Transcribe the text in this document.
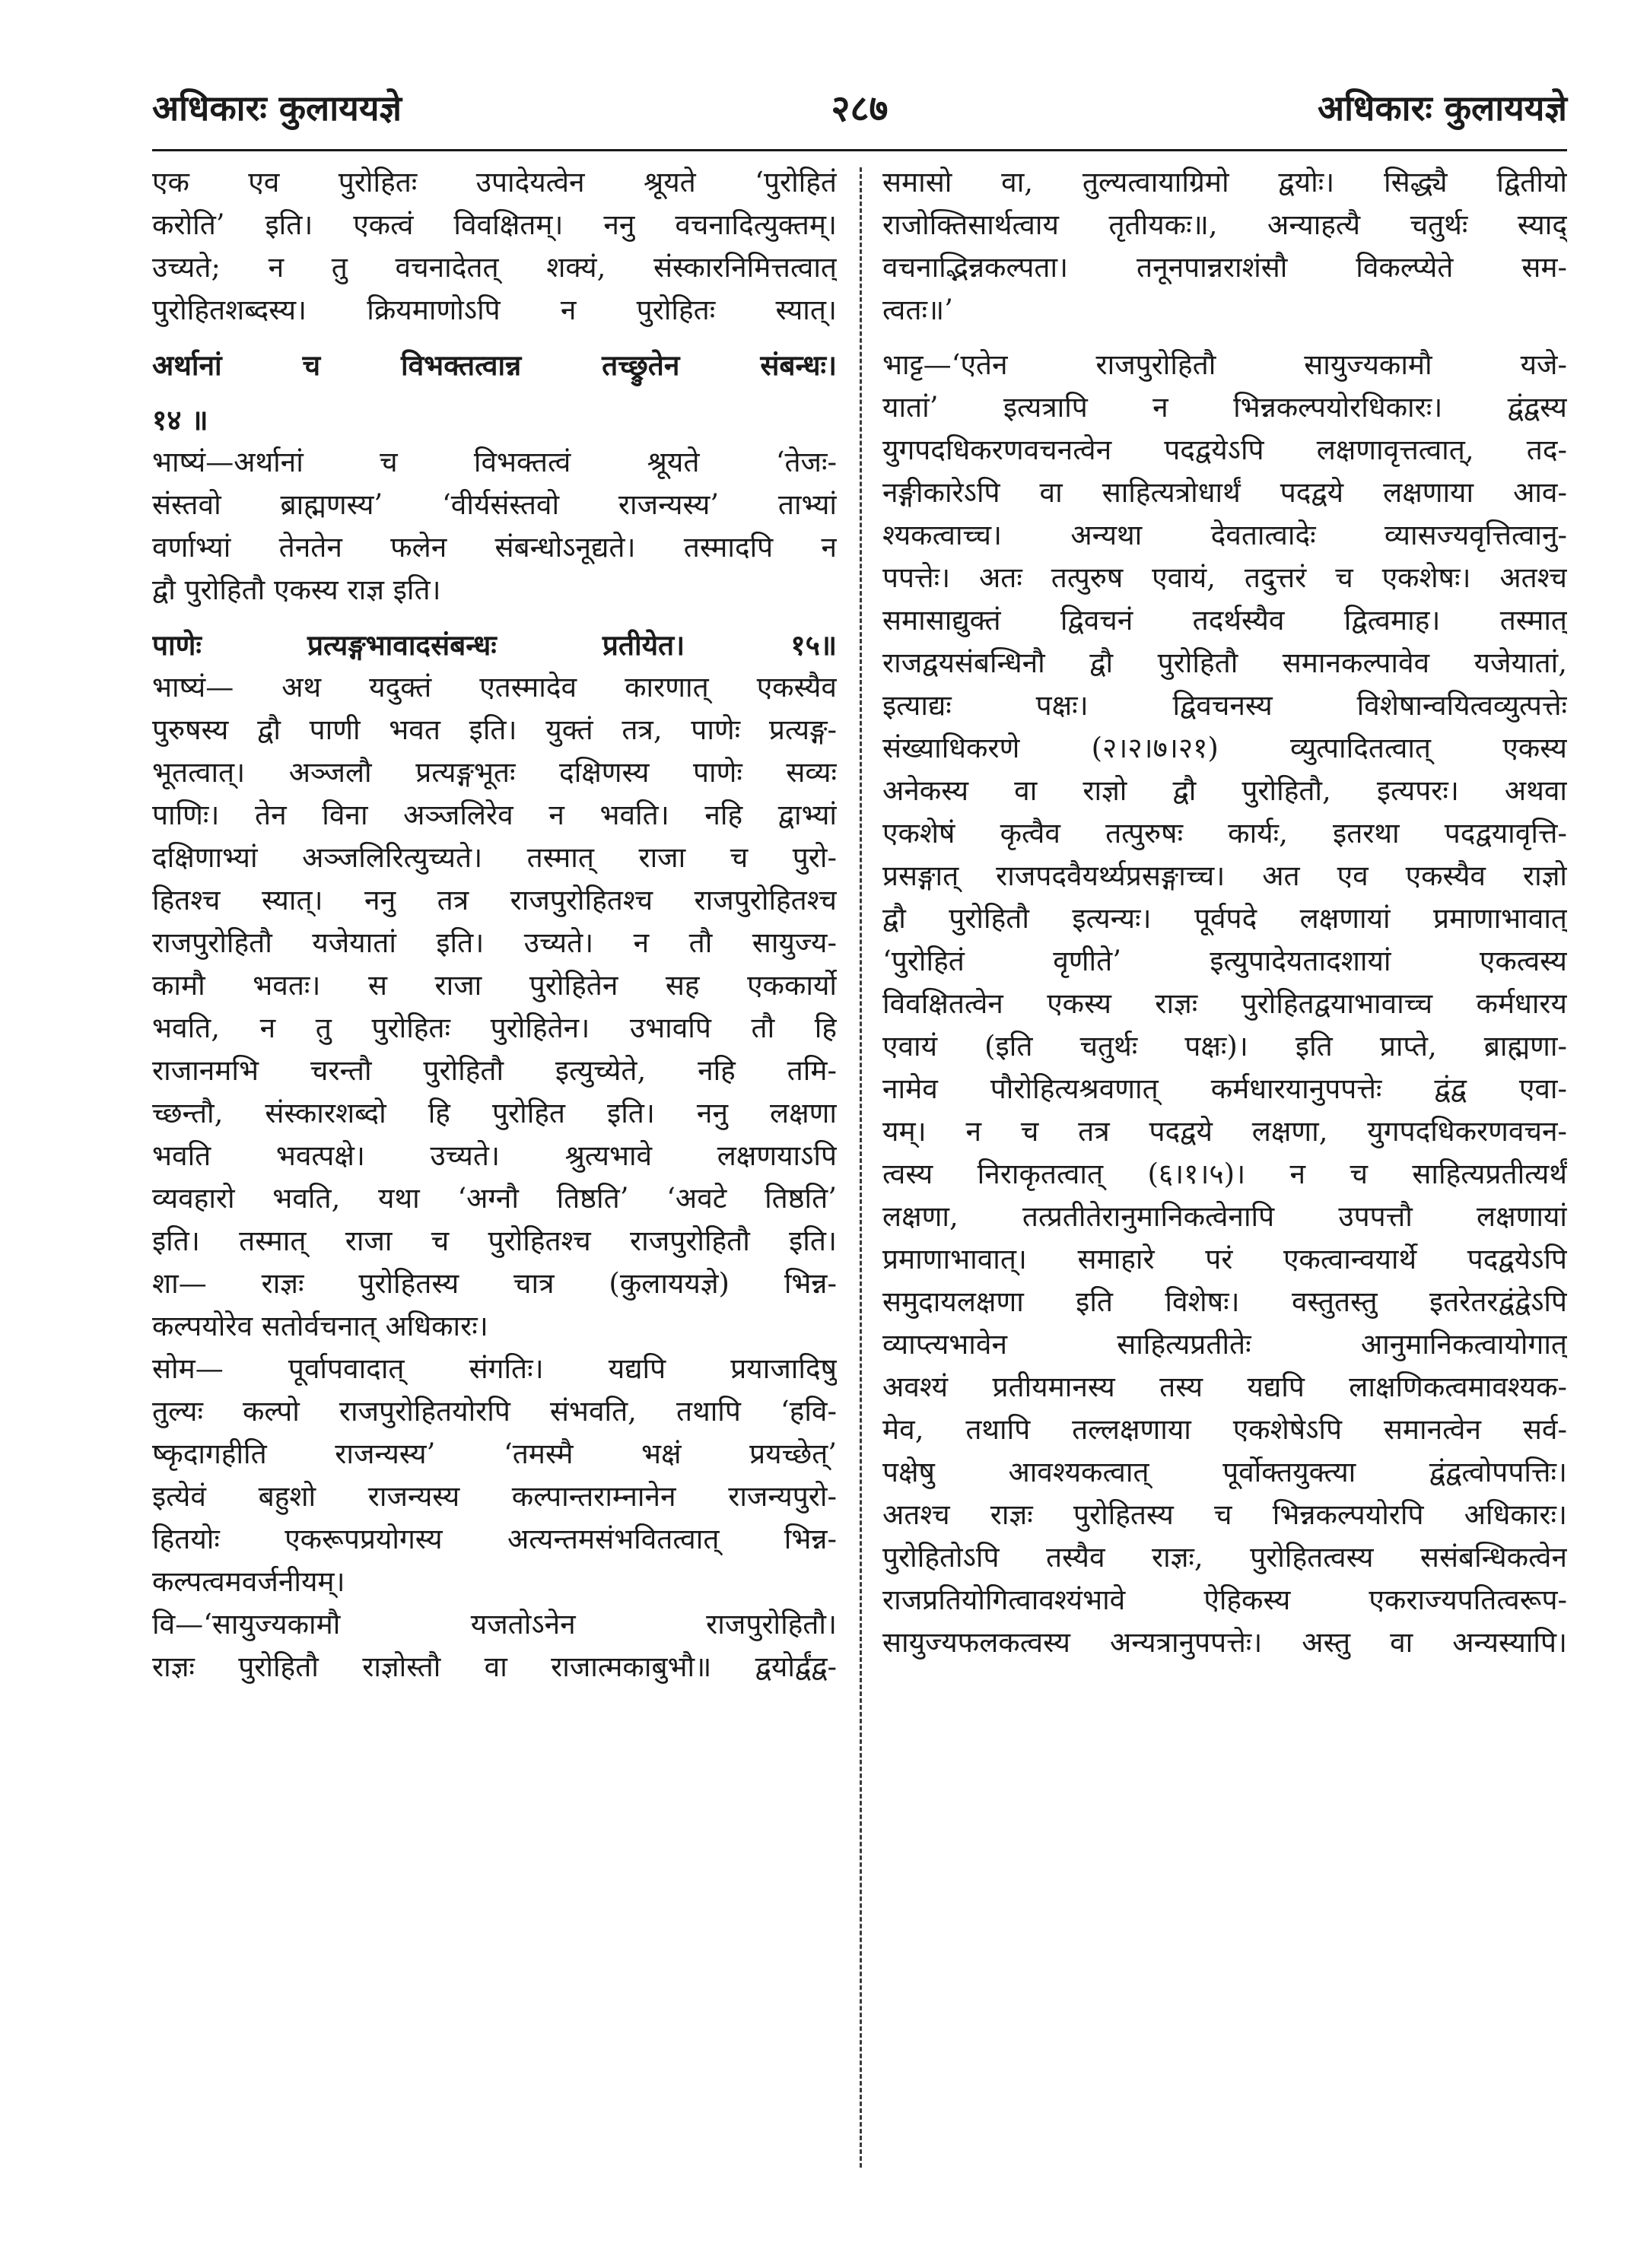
अधिकारः कुलाययज्ञे	२८७	अधिकारः कुलाययज्ञे
एक एव पुरोहितः उपादेयत्वेन श्रूयते ‘पुरोहितं
करोति’ इति। एकत्वं विवक्षितम्। ननु वचनादित्युक्तम्।
उच्यते; न तु वचनादेतत् शक्यं, संस्कारनिमित्तत्वात्
पुरोहितशब्दस्य। क्रियमाणोऽपि न पुरोहितः स्यात्।
अर्थानां च विभक्तत्वान्न तच्छ्रुतेन संबन्धः।
१४ ॥
भाष्यं—अर्थानां च विभक्तत्वं श्रूयते ‘तेजः-
संस्तवो ब्राह्मणस्य’ ‘वीर्यसंस्तवो राजन्यस्य’ ताभ्यां
वर्णाभ्यां तेनतेन फलेन संबन्धोऽनूद्यते। तस्मादपि न
द्वौ पुरोहितौ एकस्य राज्ञ इति।
पाणेः प्रत्यङ्गभावादसंबन्धः प्रतीयेत। १५॥
भाष्यं— अथ यदुक्तं एतस्मादेव कारणात् एकस्यैव
पुरुषस्य द्वौ पाणी भवत इति। युक्तं तत्र, पाणेः प्रत्यङ्ग-
भूतत्वात्। अञ्जलौ प्रत्यङ्गभूतः दक्षिणस्य पाणेः सव्यः
पाणिः। तेन विना अञ्जलिरेव न भवति। नहि द्वाभ्यां
दक्षिणाभ्यां अञ्जलिरित्युच्यते। तस्मात् राजा च पुरो-
हितश्च स्यात्। ननु तत्र राजपुरोहितश्च राजपुरोहितश्च
राजपुरोहितौ यजेयातां इति। उच्यते। न तौ सायुज्य-
कामौ भवतः। स राजा पुरोहितेन सह एककार्यो
भवति, न तु पुरोहितः पुरोहितेन। उभावपि तौ हि
राजानमभि चरन्तौ पुरोहितौ इत्युच्येते, नहि तमि-
च्छन्तौ, संस्कारशब्दो हि पुरोहित इति। ननु लक्षणा
भवति भवत्पक्षे। उच्यते। श्रुत्यभावे लक्षणयाऽपि
व्यवहारो भवति, यथा ‘अग्नौ तिष्ठति’ ‘अवटे तिष्ठति’
इति। तस्मात् राजा च पुरोहितश्च राजपुरोहितौ इति।
शा— राज्ञः पुरोहितस्य चात्र (कुलाययज्ञे) भिन्न-
कल्पयोरेव सतोर्वचनात् अधिकारः।
सोम— पूर्वापवादात् संगतिः। यद्यपि प्रयाजादिषु
तुल्यः कल्पो राजपुरोहितयोरपि संभवति, तथापि ‘हवि-
ष्कृदागहीति राजन्यस्य’ ‘तमस्मै भक्षं प्रयच्छेत्’
इत्येवं बहुशो राजन्यस्य कल्पान्तराम्नानेन राजन्यपुरो-
हितयोः एकरूपप्रयोगस्य अत्यन्तमसंभवितत्वात् भिन्न-
कल्पत्वमवर्जनीयम्।
वि—‘सायुज्यकामौ यजतोऽनेन राजपुरोहितौ।
राज्ञः पुरोहितौ राज्ञोस्तौ वा राजात्मकाबुभौ॥ द्वयोर्द्वंद्व-
समासो वा, तुल्यत्वायाग्रिमो द्वयोः। सिद्ध्यै द्वितीयो
राजोक्तिसार्थत्वाय तृतीयकः॥, अन्याहत्यै चतुर्थः स्याद्
वचनाद्भिन्नकल्पता। तनूनपान्नराशंसौ विकल्प्येते सम-
त्वतः॥’
भाट्ट—‘एतेन राजपुरोहितौ सायुज्यकामौ यजे-
यातां’ इत्यत्रापि न भिन्नकल्पयोरधिकारः। द्वंद्वस्य
युगपदधिकरणवचनत्वेन पदद्वयेऽपि लक्षणावृत्तत्वात्, तद-
नङ्गीकारेऽपि वा साहित्यत्रोधार्थं पदद्वये लक्षणाया आव-
श्यकत्वाच्च। अन्यथा देवतात्वादेः व्यासज्यवृत्तित्वानु-
पपत्तेः। अतः तत्पुरुष एवायं, तदुत्तरं च एकशेषः। अतश्च
समासाद्युक्तं द्विवचनं तदर्थस्यैव द्वित्वमाह। तस्मात्
राजद्वयसंबन्धिनौ द्वौ पुरोहितौ समानकल्पावेव यजेयातां,
इत्याद्यः पक्षः। द्विवचनस्य विशेषान्वयित्वव्युत्पत्तेः
संख्याधिकरणे (२।२।७।२१) व्युत्पादितत्वात् एकस्य
अनेकस्य वा राज्ञो द्वौ पुरोहितौ, इत्यपरः। अथवा
एकशेषं कृत्वैव तत्पुरुषः कार्यः, इतरथा पदद्वयावृत्ति-
प्रसङ्गात् राजपदवैयर्थ्यप्रसङ्गाच्च। अत एव एकस्यैव राज्ञो
द्वौ पुरोहितौ इत्यन्यः। पूर्वपदे लक्षणायां प्रमाणाभावात्
‘पुरोहितं वृणीते’ इत्युपादेयतादशायां एकत्वस्य
विवक्षितत्वेन एकस्य राज्ञः पुरोहितद्वयाभावाच्च कर्मधारय
एवायं (इति चतुर्थः पक्षः)। इति प्राप्ते, ब्राह्मणा-
नामेव पौरोहित्यश्रवणात् कर्मधारयानुपपत्तेः द्वंद्व एवा-
यम्। न च तत्र पदद्वये लक्षणा, युगपदधिकरणवचन-
त्वस्य निराकृतत्वात् (६।१।५)। न च साहित्यप्रतीत्यर्थं
लक्षणा, तत्प्रतीतेरानुमानिकत्वेनापि उपपत्तौ लक्षणायां
प्रमाणाभावात्। समाहारे परं एकत्वान्वयार्थे पदद्वयेऽपि
समुदायलक्षणा इति विशेषः। वस्तुतस्तु इतरेतरद्वंद्वेऽपि
व्याप्त्यभावेन साहित्यप्रतीतेः आनुमानिकत्वायोगात्
अवश्यं प्रतीयमानस्य तस्य यद्यपि लाक्षणिकत्वमावश्यक-
मेव, तथापि तल्लक्षणाया एकशेषेऽपि समानत्वेन सर्व-
पक्षेषु आवश्यकत्वात् पूर्वोक्तयुक्त्या द्वंद्वत्वोपपत्तिः।
अतश्च राज्ञः पुरोहितस्य च भिन्नकल्पयोरपि अधिकारः।
पुरोहितोऽपि तस्यैव राज्ञः, पुरोहितत्वस्य ससंबन्धिकत्वेन
राजप्रतियोगित्वावश्यंभावे ऐहिकस्य एकराज्यपतित्वरूप-
सायुज्यफलकत्वस्य अन्यत्रानुपपत्तेः। अस्तु वा अन्यस्यापि।
